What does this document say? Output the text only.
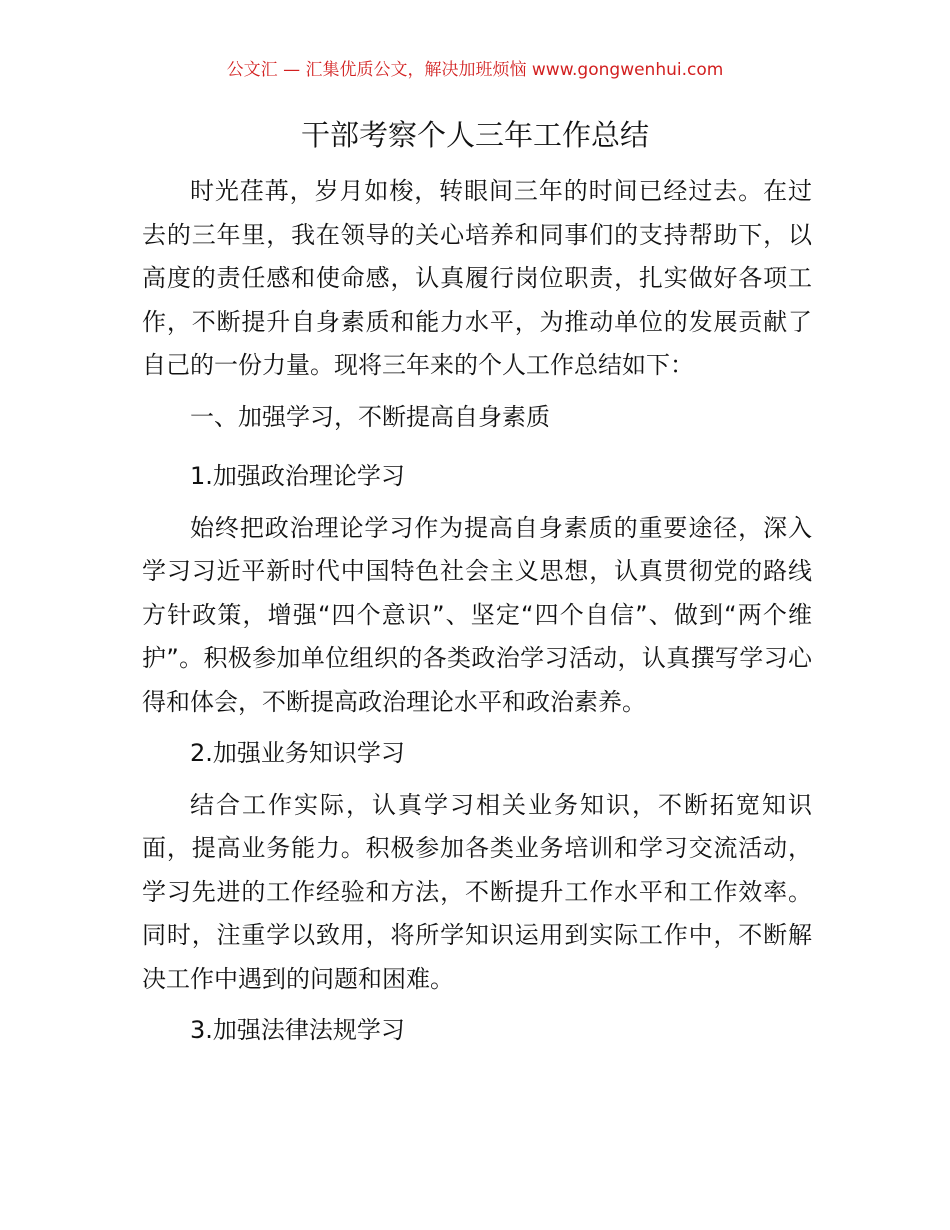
公文汇 — 汇集优质公文，解决加班烦恼 www.gongwenhui.com
干部考察个人三年工作总结

时光荏苒，岁月如梭，转眼间三年的时间已经过去。在过去的三年里，我在领导的关心培养和同事们的支持帮助下，以高度的责任感和使命感，认真履行岗位职责，扎实做好各项工作，不断提升自身素质和能力水平，为推动单位的发展贡献了自己的一份力量。现将三年来的个人工作总结如下：

一、加强学习，不断提高自身素质

1.加强政治理论学习

始终把政治理论学习作为提高自身素质的重要途径，深入学习习近平新时代中国特色社会主义思想，认真贯彻党的路线方针政策，增强“四个意识”、坚定“四个自信”、做到“两个维护”。积极参加单位组织的各类政治学习活动，认真撰写学习心得和体会，不断提高政治理论水平和政治素养。

2.加强业务知识学习

结合工作实际，认真学习相关业务知识，不断拓宽知识面，提高业务能力。积极参加各类业务培训和学习交流活动，学习先进的工作经验和方法，不断提升工作水平和工作效率。同时，注重学以致用，将所学知识运用到实际工作中，不断解决工作中遇到的问题和困难。

3.加强法律法规学习
